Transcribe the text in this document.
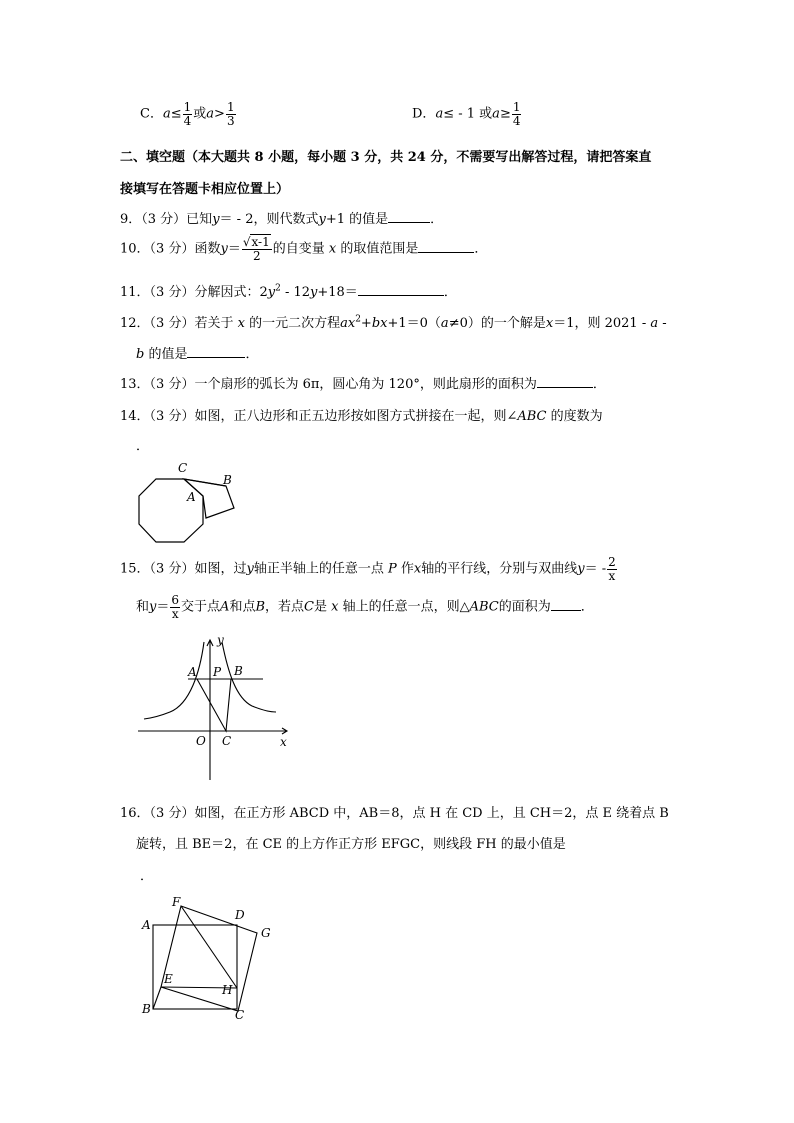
C．$a\le \frac{1}{4}$ 或$a> \frac{1}{3}$	D．a≤ - 1 或$a\ge \frac{1}{4}$
二、填空题（本大题共 8 小题，每小题 3 分，共 24 分，不需要写出解答过程，请把答案直
接填写在答题卡相应位置上）
9．（3 分）已知y＝ - 2，则代数式y+1 的值是	．
10．（3 分）函数$y= \frac{√x-1}{2}$ 的自变量 x 的取值范围是	．
11．（3 分）分解因式：$2y^2 - 12y+18=$	．
12．（3 分）若关于 x 的一元二次方程$ax^2+bx+1=0(a\ne 0)$的一个解是x＝1，则 2021 - a -
b 的值是	．
13．（3 分）一个扇形的弧长为 6π，圆心角为 120°，则此扇形的面积为	．
14．（3 分）如图，正八边形和正五边形按如图方式拼接在一起，则∠ABC 的度数为
．
C
B
A
15．（3 分）如图，过y轴正半轴上的任意一点 P 作x轴的平行线，分别与双曲线$y= - \frac{2}{x}$
和$y= \frac{6}{x}$ 交于点A和点B，若点C是 x 轴上的任意一点，则△ABC的面积为 ．
y
A P B
O C	x
16．（3 分）如图，在正方形 ABCD 中，AB＝8，点 H 在 CD 上，且 CH＝2，点 E 绕着点 B
旋转，且 BE＝2，在 CE 的上方作正方形 EFGC，则线段 FH 的最小值是
．
F
D
A
G
E
H
B	C
